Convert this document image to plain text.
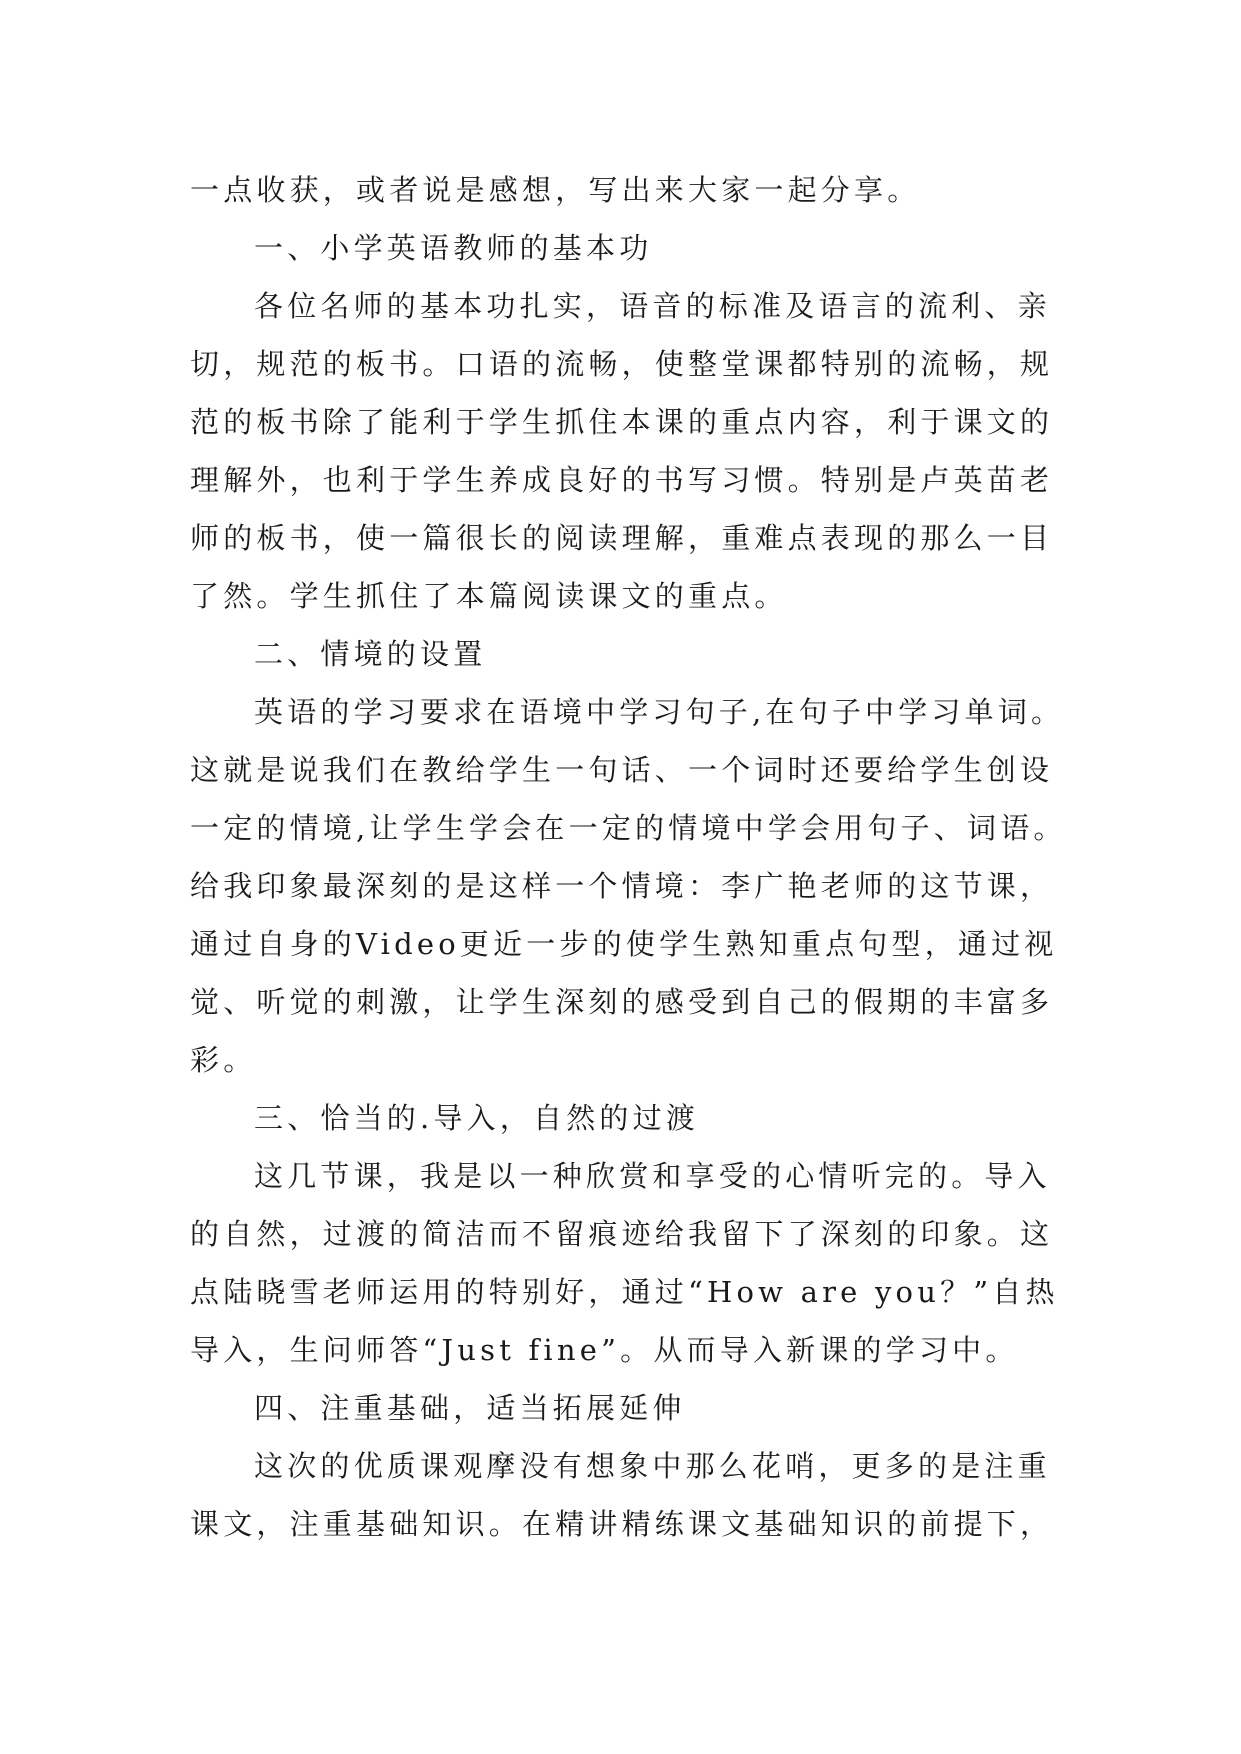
一点收获，或者说是感想，写出来大家一起分享。
一、小学英语教师的基本功
各位名师的基本功扎实，语音的标准及语言的流利、亲
切，规范的板书。口语的流畅，使整堂课都特别的流畅，规
范的板书除了能利于学生抓住本课的重点内容，利于课文的
理解外，也利于学生养成良好的书写习惯。特别是卢英苗老
师的板书，使一篇很长的阅读理解，重难点表现的那么一目
了然。学生抓住了本篇阅读课文的重点。
二、情境的设置
英语的学习要求在语境中学习句子,在句子中学习单词。
这就是说我们在教给学生一句话、一个词时还要给学生创设
一定的情境,让学生学会在一定的情境中学会用句子、词语。
给我印象最深刻的是这样一个情境：李广艳老师的这节课，
通过自身的Video更近一步的使学生熟知重点句型，通过视
觉、听觉的刺激，让学生深刻的感受到自己的假期的丰富多
彩。
三、恰当的.导入，自然的过渡
这几节课，我是以一种欣赏和享受的心情听完的。导入
的自然，过渡的简洁而不留痕迹给我留下了深刻的印象。这
点陆晓雪老师运用的特别好，通过“How are you？”自热
导入，生问师答“Just fine”。从而导入新课的学习中。
四、注重基础，适当拓展延伸
这次的优质课观摩没有想象中那么花哨，更多的是注重
课文，注重基础知识。在精讲精练课文基础知识的前提下，
